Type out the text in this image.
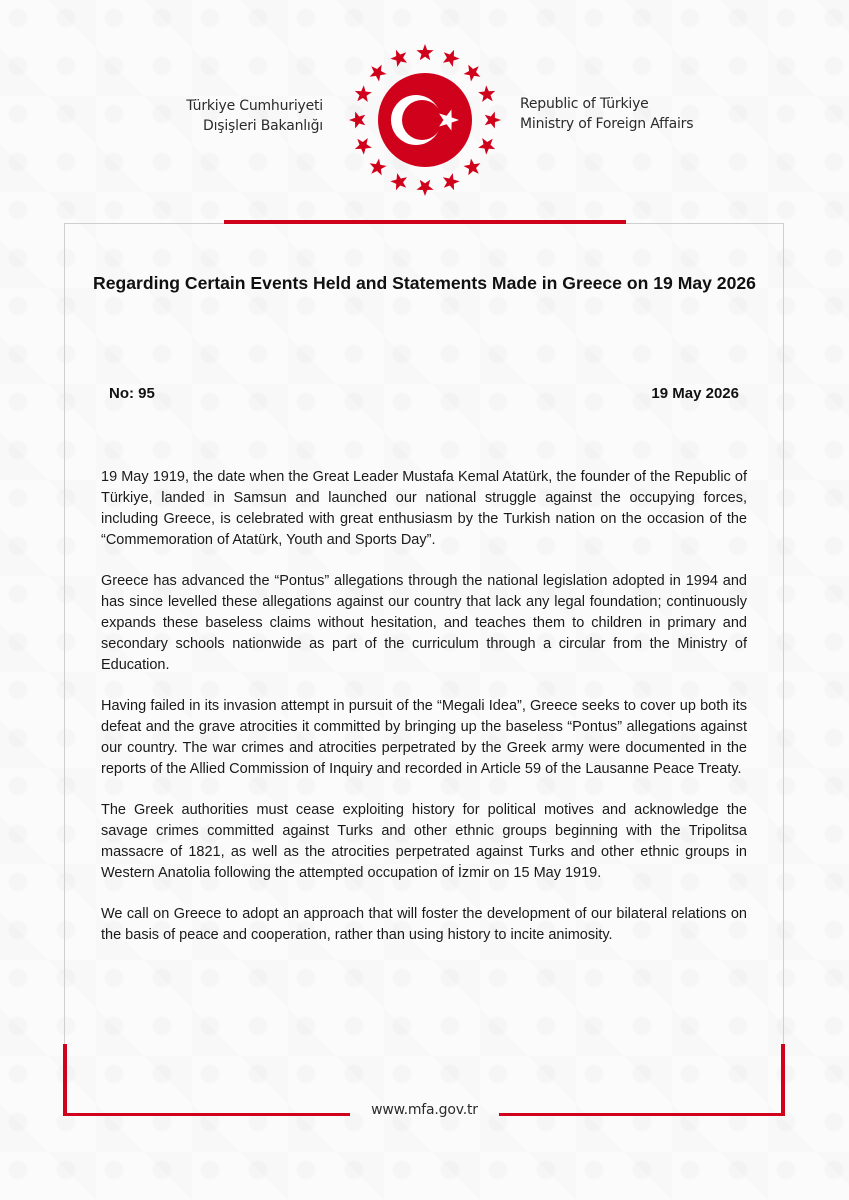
Türkiye Cumhuriyeti
Dışişleri Bakanlığı
Republic of Türkiye
Ministry of Foreign Affairs
Regarding Certain Events Held and Statements Made in Greece on 19 May 2026
No: 95	19 May 2026

19 May 1919, the date when the Great Leader Mustafa Kemal Atatürk, the founder of the Republic of Türkiye, landed in Samsun and launched our national struggle against the occupying forces, including Greece, is celebrated with great enthusiasm by the Turkish nation on the occasion of the “Commemoration of Atatürk, Youth and Sports Day”.

Greece has advanced the “Pontus” allegations through the national legislation adopted in 1994 and has since levelled these allegations against our country that lack any legal foundation; continuously expands these baseless claims without hesitation, and teaches them to children in primary and secondary schools nationwide as part of the curriculum through a circular from the Ministry of Education.

Having failed in its invasion attempt in pursuit of the “Megali Idea”, Greece seeks to cover up both its defeat and the grave atrocities it committed by bringing up the baseless “Pontus” allegations against our country. The war crimes and atrocities perpetrated by the Greek army were documented in the reports of the Allied Commission of Inquiry and recorded in Article 59 of the Lausanne Peace Treaty.

The Greek authorities must cease exploiting history for political motives and acknowledge the savage crimes committed against Turks and other ethnic groups beginning with the Tripolitsa massacre of 1821, as well as the atrocities perpetrated against Turks and other ethnic groups in Western Anatolia following the attempted occupation of İzmir on 15 May 1919.

We call on Greece to adopt an approach that will foster the development of our bilateral relations on the basis of peace and cooperation, rather than using history to incite animosity.

www.mfa.gov.tr
